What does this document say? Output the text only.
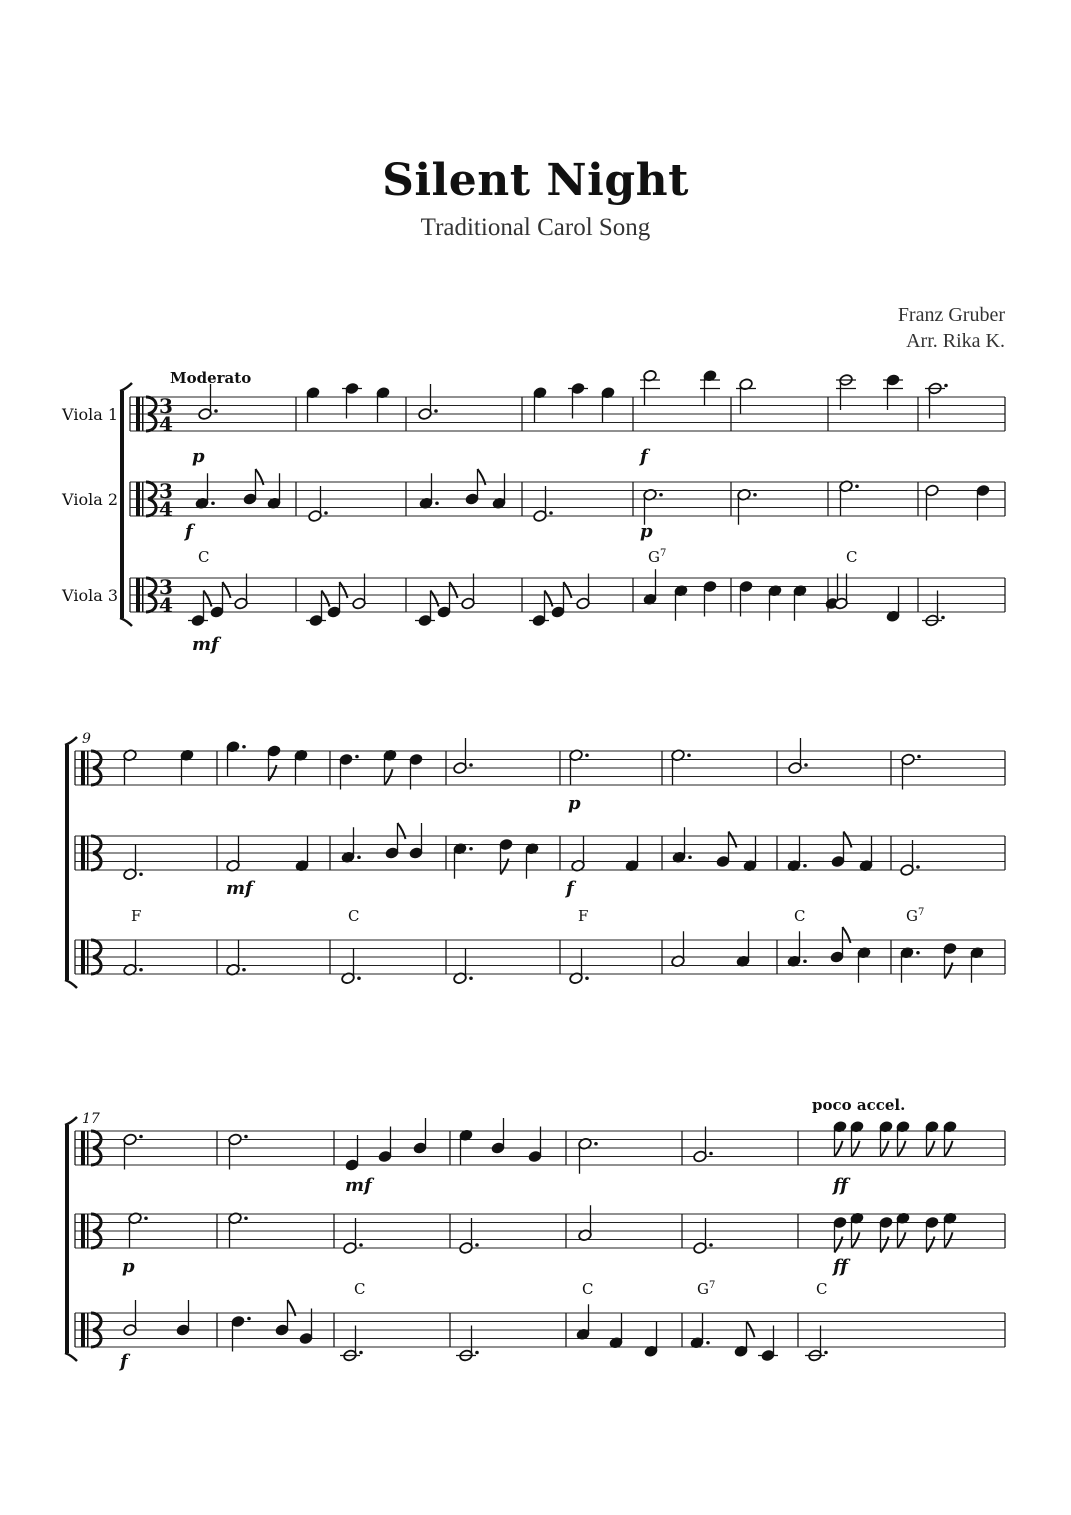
Silent Night
Traditional Carol Song
Franz Gruber
Arr. Rika K.
3
4
Viola 1
3
4
Viola 2
3
4
Viola 3
Moderato
C	$G^7$	C
p	f
f	p
mf
9
F	C	F	C	$G^7$
p
mf	f
17
poco accel.
C	C	$G^7$	C
mf	ff
p	ff
f
